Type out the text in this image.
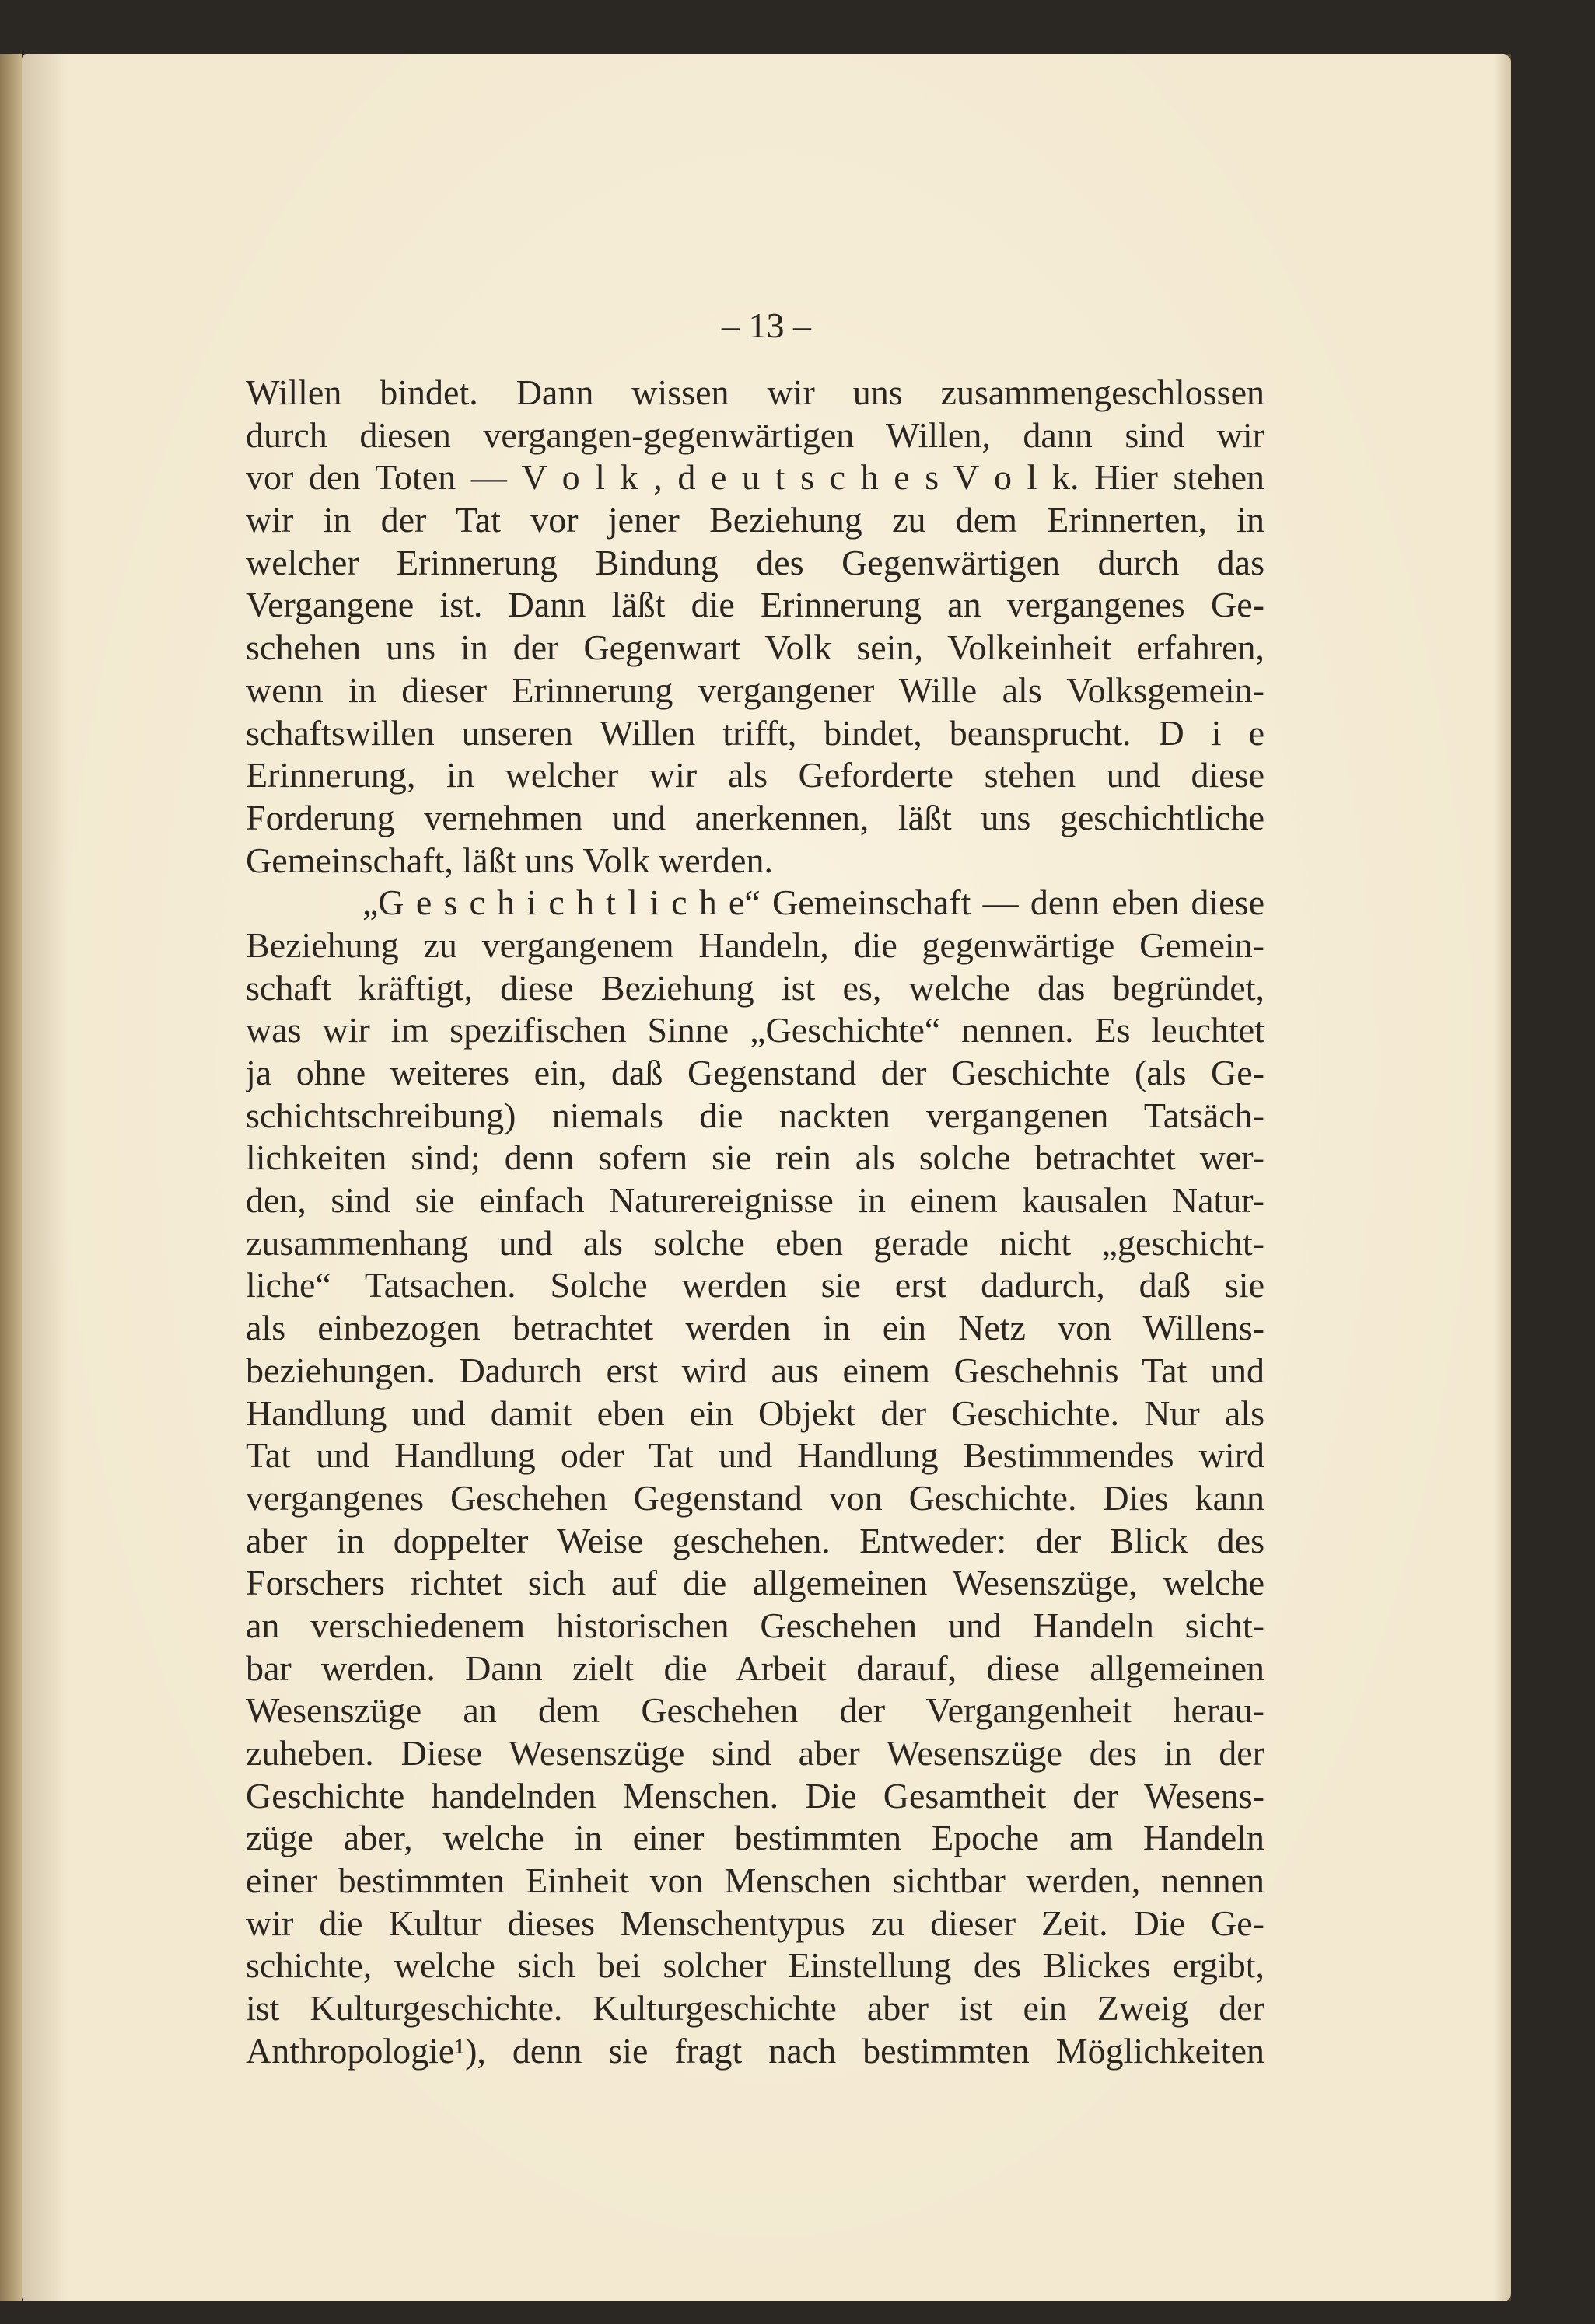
– 13 –
Willen bindet. Dann wissen wir uns zusammengeschlossen
durch diesen vergangen-gegenwärtigen Willen, dann sind wir
vor den Toten — V o l k , d e u t s c h e s V o l k. Hier stehen
wir in der Tat vor jener Beziehung zu dem Erinnerten, in
welcher Erinnerung Bindung des Gegenwärtigen durch das
Vergangene ist. Dann läßt die Erinnerung an vergangenes Ge-
schehen uns in der Gegenwart Volk sein, Volkeinheit erfahren,
wenn in dieser Erinnerung vergangener Wille als Volksgemein-
schaftswillen unseren Willen trifft, bindet, beansprucht. D i e
Erinnerung, in welcher wir als Geforderte stehen und diese
Forderung vernehmen und anerkennen, läßt uns geschichtliche
Gemeinschaft, läßt uns Volk werden.
„G e s c h i c h t l i c h e“ Gemeinschaft — denn eben diese
Beziehung zu vergangenem Handeln, die gegenwärtige Gemein-
schaft kräftigt, diese Beziehung ist es, welche das begründet,
was wir im spezifischen Sinne „Geschichte“ nennen. Es leuchtet
ja ohne weiteres ein, daß Gegenstand der Geschichte (als Ge-
schichtschreibung) niemals die nackten vergangenen Tatsäch-
lichkeiten sind; denn sofern sie rein als solche betrachtet wer-
den, sind sie einfach Naturereignisse in einem kausalen Natur-
zusammenhang und als solche eben gerade nicht „geschicht-
liche“ Tatsachen. Solche werden sie erst dadurch, daß sie
als einbezogen betrachtet werden in ein Netz von Willens-
beziehungen. Dadurch erst wird aus einem Geschehnis Tat und
Handlung und damit eben ein Objekt der Geschichte. Nur als
Tat und Handlung oder Tat und Handlung Bestimmendes wird
vergangenes Geschehen Gegenstand von Geschichte. Dies kann
aber in doppelter Weise geschehen. Entweder: der Blick des
Forschers richtet sich auf die allgemeinen Wesenszüge, welche
an verschiedenem historischen Geschehen und Handeln sicht-
bar werden. Dann zielt die Arbeit darauf, diese allgemeinen
Wesenszüge an dem Geschehen der Vergangenheit herau-
zuheben. Diese Wesenszüge sind aber Wesenszüge des in der
Geschichte handelnden Menschen. Die Gesamtheit der Wesens-
züge aber, welche in einer bestimmten Epoche am Handeln
einer bestimmten Einheit von Menschen sichtbar werden, nennen
wir die Kultur dieses Menschentypus zu dieser Zeit. Die Ge-
schichte, welche sich bei solcher Einstellung des Blickes ergibt,
ist Kulturgeschichte. Kulturgeschichte aber ist ein Zweig der
Anthropologie¹), denn sie fragt nach bestimmten Möglichkeiten
